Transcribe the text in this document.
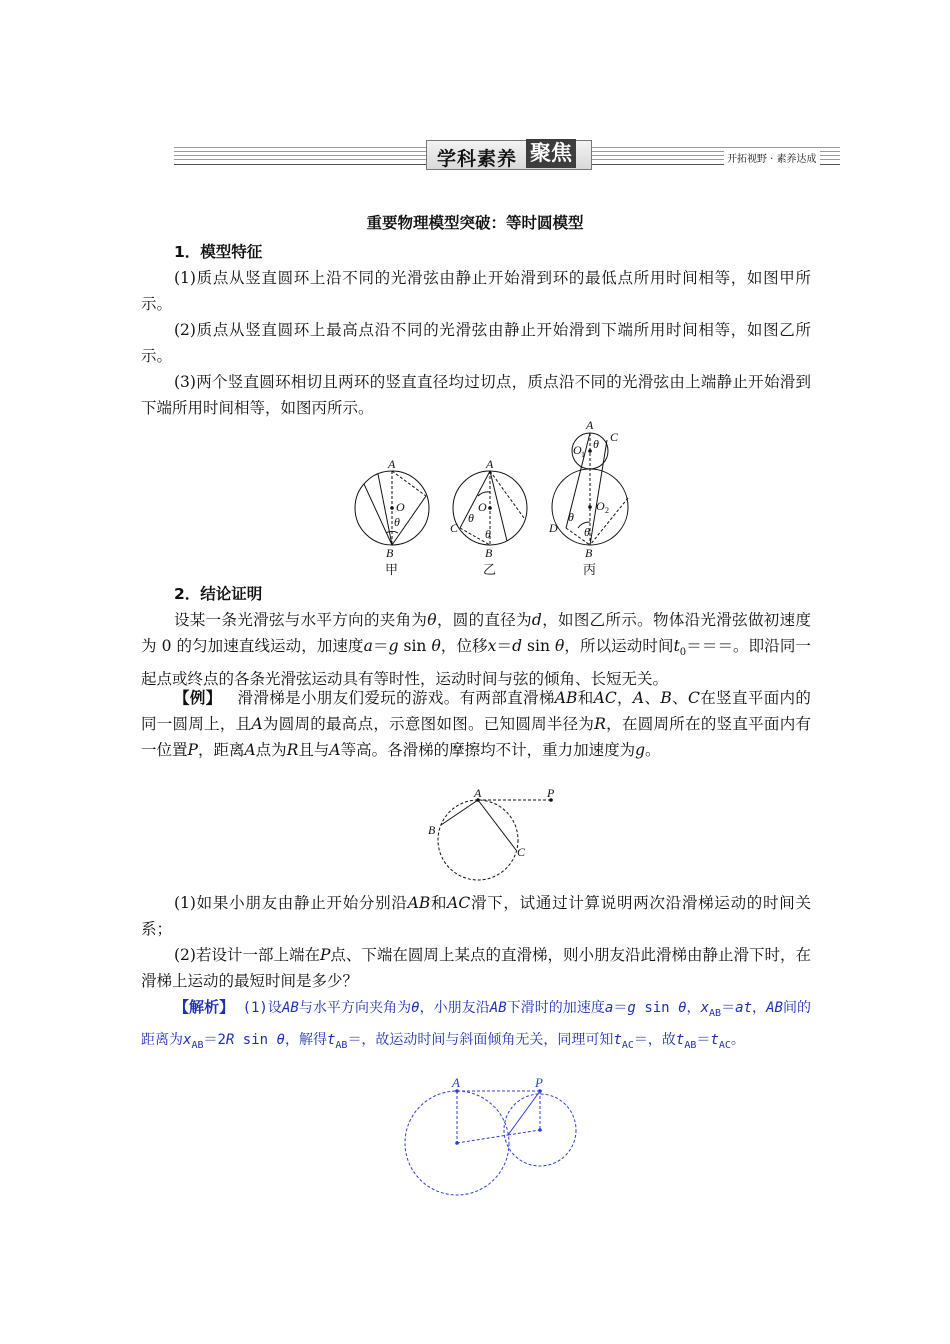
学科素养 聚焦	开拓视野 · 素养达成
重要物理模型突破：等时圆模型
1．模型特征
(1)质点从竖直圆环上沿不同的光滑弦由静止开始滑到环的最低点所用时间相等，如图甲所示。
(2)质点从竖直圆环上最高点沿不同的光滑弦由静止开始滑到下端所用时间相等，如图乙所示。
(3)两个竖直圆环相切且两环的竖直直径均过切点，质点沿不同的光滑弦由上端静止开始滑到下端所用时间相等，如图丙所示。
A
O
θ
B
A
O
θ
θ
C
B
A
O 1
θ C
O 2
θ
θ
D
B
甲	乙	丙
2．结论证明
设某一条光滑弦与水平方向的夹角为θ，圆的直径为d，如图乙所示。物体沿光滑弦做初速度为 0 的匀加速直线运动，加速度a＝g sin θ，位移x＝d sin θ，所以运动时间$t_0===$。即沿同一起点或终点的各条光滑弦运动具有等时性，运动时间与弦的倾角、长短无关。
【例】  滑滑梯是小朋友们爱玩的游戏。有两部直滑梯AB和AC，A、B、C在竖直平面内的同一圆周上，且A为圆周的最高点，示意图如图。已知圆周半径为R，在圆周所在的竖直平面内有一位置P，距离A点为R且与A等高。各滑梯的摩擦均不计，重力加速度为g。
A	P
B
C
(1)如果小朋友由静止开始分别沿AB和AC滑下，试通过计算说明两次沿滑梯运动的时间关系；
(2)若设计一部上端在P点、下端在圆周上某点的直滑梯，则小朋友沿此滑梯由静止滑下时，在滑梯上运动的最短时间是多少？
【解析】  (1)设AB与水平方向夹角为θ，小朋友沿AB下滑时的加速度a＝g sin θ，$x_{AB}=at$，AB间的距离为$x_{AB}=2R$ sin θ，解得$t_{AB}=$，故运动时间与斜面倾角无关，同理可知$t_{AC}=$，故$t_{AB}=t_{AC}$。
A	P
